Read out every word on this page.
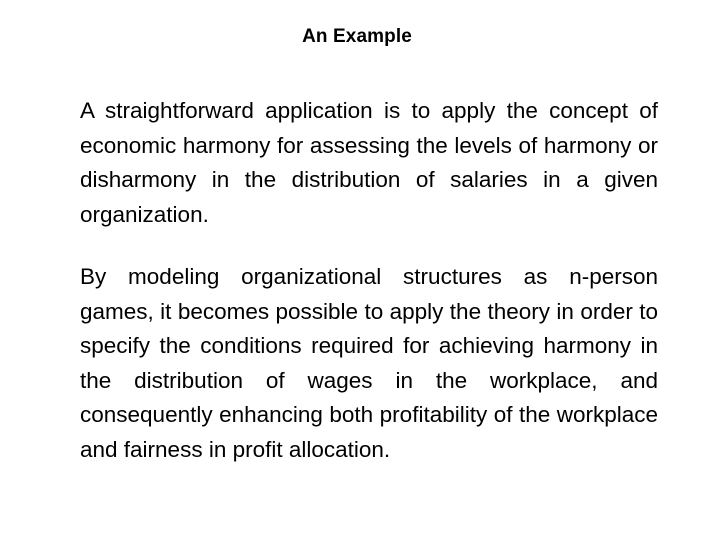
An Example

A straightforward application is to apply the concept of economic harmony for assessing the levels of harmony or disharmony in the distribution of salaries in a given organization.

By modeling organizational structures as n-person games, it becomes possible to apply the theory in order to specify the conditions required for achieving harmony in the distribution of wages in the workplace, and consequently enhancing both profitability of the workplace and fairness in profit allocation.
